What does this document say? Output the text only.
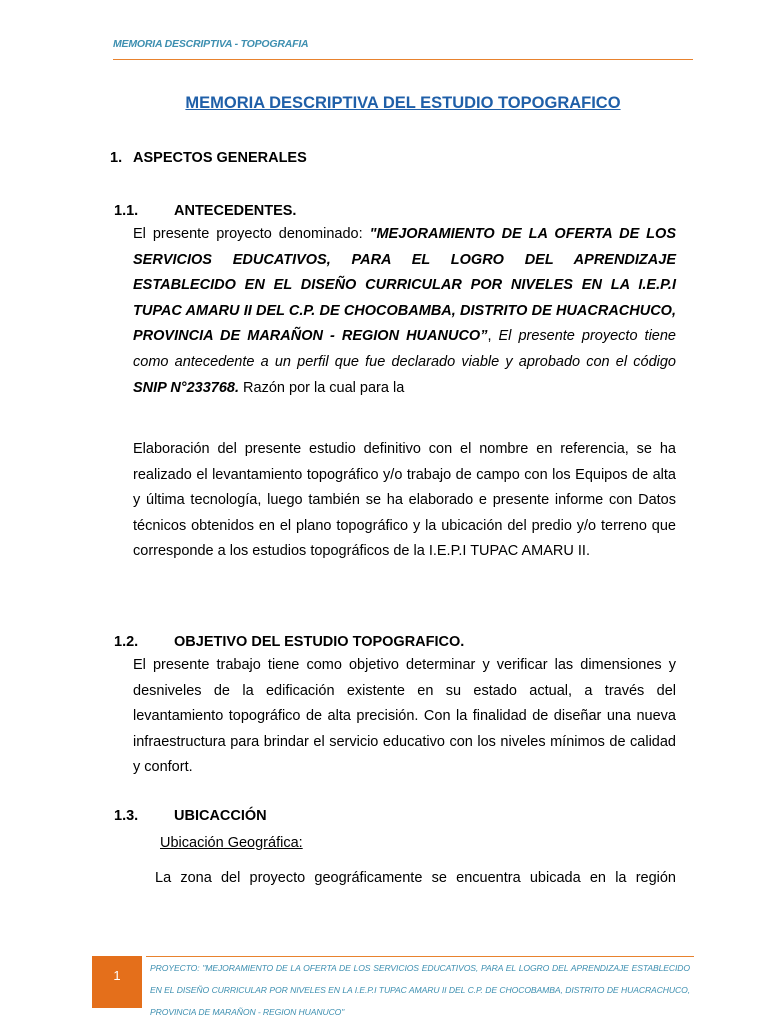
MEMORIA DESCRIPTIVA - TOPOGRAFIA
MEMORIA DESCRIPTIVA DEL ESTUDIO TOPOGRAFICO
1. ASPECTOS GENERALES
1.1. ANTECEDENTES.
El presente proyecto denominado: "MEJORAMIENTO DE LA OFERTA DE LOS SERVICIOS EDUCATIVOS, PARA EL LOGRO DEL APRENDIZAJE ESTABLECIDO EN EL DISEÑO CURRICULAR POR NIVELES EN LA I.E.P.I TUPAC AMARU II DEL C.P. DE CHOCOBAMBA, DISTRITO DE HUACRACHUCO, PROVINCIA DE MARAÑON - REGION HUANUCO”, El presente proyecto tiene como antecedente a un perfil que fue declarado viable y aprobado con el código SNIP N°233768. Razón por la cual para la
Elaboración del presente estudio definitivo con el nombre en referencia, se ha realizado el levantamiento topográfico y/o trabajo de campo con los Equipos de alta y última tecnología, luego también se ha elaborado e presente informe con Datos técnicos obtenidos en el plano topográfico y la ubicación del predio y/o terreno que corresponde a los estudios topográficos de la I.E.P.I TUPAC AMARU II.
1.2. OBJETIVO DEL ESTUDIO TOPOGRAFICO.
El presente trabajo tiene como objetivo determinar y verificar las dimensiones y desniveles de la edificación existente en su estado actual, a través del levantamiento topográfico de alta precisión. Con la finalidad de diseñar una nueva infraestructura para brindar el servicio educativo con los niveles mínimos de calidad y confort.
1.3. UBICACCIÓN
Ubicación Geográfica:
La zona del proyecto geográficamente se encuentra ubicada en la región
1	PROYECTO: "MEJORAMIENTO DE LA OFERTA DE LOS SERVICIOS EDUCATIVOS, PARA EL LOGRO DEL APRENDIZAJE ESTABLECIDO EN EL DISEÑO CURRICULAR POR NIVELES EN LA I.E.P.I TUPAC AMARU II DEL C.P. DE CHOCOBAMBA, DISTRITO DE HUACRACHUCO, PROVINCIA DE MARAÑON - REGION HUANUCO"
